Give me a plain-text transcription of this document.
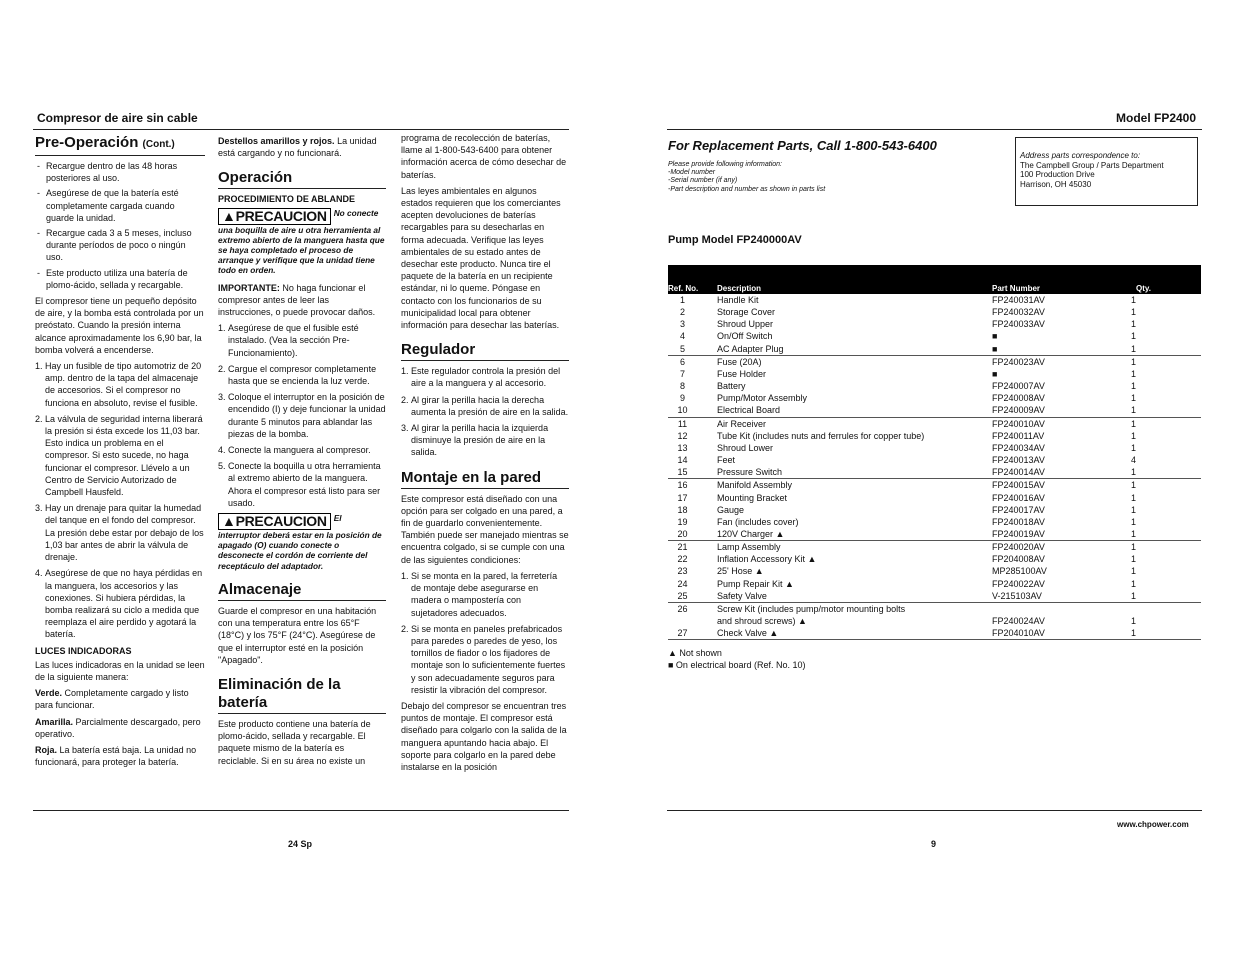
Compresor de aire sin cable
Pre-Operación (Cont.)
- Recargue dentro de las 48 horas posteriores al uso.
- Asegúrese de que la batería esté completamente cargada cuando guarde la unidad.
- Recargue cada 3 a 5 meses, incluso durante períodos de poco o ningún uso.
- Este producto utiliza una batería de plomo-ácido, sellada y recargable.

El compresor tiene un pequeño depósito de aire, y la bomba está controlada por un preóstato. Cuando la presión interna alcance aproximadamente los 6,90 bar, la bomba volverá a encenderse.

1. Hay un fusible de tipo automotriz de 20 amp. dentro de la tapa del almacenaje de accesorios. Si el compresor no funciona en absoluto, revise el fusible.
2. La válvula de seguridad interna liberará la presión si ésta excede los 11,03 bar. Esto indica un problema en el compresor. Si esto sucede, no haga funcionar el compresor. Llévelo a un Centro de Servicio Autorizado de Campbell Hausfeld.
3. Hay un drenaje para quitar la humedad del tanque en el fondo del compresor. La presión debe estar por debajo de los 1,03 bar antes de abrir la válvula de drenaje.
4. Asegúrese de que no haya pérdidas en la manguera, los accesorios y las conexiones. Si hubiera pérdidas, la bomba realizará su ciclo a medida que reemplaza el aire perdido y agotará la batería.
LUCES INDICADORAS

Las luces indicadoras en la unidad se leen de la siguiente manera:

Verde. Completamente cargado y listo para funcionar.

Amarilla. Parcialmente descargado, pero operativo.

Roja. La batería está baja. La unidad no funcionará, para proteger la batería.

Destellos amarillos y rojos. La unidad está cargando y no funcionará.

Operación
PROCEDIMIENTO DE ABLANDE
▲PRECAUCION No conecte una boquilla de aire u otra herramienta al extremo abierto de la manguera hasta que se haya completado el proceso de arranque y verifique que la unidad tiene todo en orden.

IMPORTANTE: No haga funcionar el compresor antes de leer las instrucciones, o puede provocar daños.

1. Asegúrese de que el fusible esté instalado. (Vea la sección Pre-Funcionamiento).
2. Cargue el compresor completamente hasta que se encienda la luz verde.
3. Coloque el interruptor en la posición de encendido (I) y deje funcionar la unidad durante 5 minutos para ablandar las piezas de la bomba.
4. Conecte la manguera al compresor.
5. Conecte la boquilla u otra herramienta al extremo abierto de la manguera. Ahora el compresor está listo para ser usado.
▲PRECAUCION El interruptor deberá estar en la posición de apagado (O) cuando conecte o desconecte el cordón de corriente del receptáculo del adaptador.
Almacenaje

Guarde el compresor en una habitación con una temperatura entre los 65°F (18°C) y los 75°F (24°C). Asegúrese de que el interruptor esté en la posición "Apagado".

Eliminación de la batería

Este producto contiene una batería de plomo-ácido, sellada y recargable. El paquete mismo de la batería es reciclable. Si en su área no existe un

programa de recolección de baterías, llame al 1-800-543-6400 para obtener información acerca de cómo desechar de baterías.

Las leyes ambientales en algunos estados requieren que los comerciantes acepten devoluciones de baterías recargables para su desecharlas en forma adecuada. Verifique las leyes ambientales de su estado antes de desechar este producto. Nunca tire el paquete de la batería en un recipiente estándar, ni lo queme. Póngase en contacto con los funcionarios de su municipalidad local para obtener información para desechar las baterías.

Regulador
1. Este regulador controla la presión del aire a la manguera y al accesorio.
2. Al girar la perilla hacia la derecha aumenta la presión de aire en la salida.
3. Al girar la perilla hacia la izquierda disminuye la presión de aire en la salida.
Montaje en la pared

Este compresor está diseñado con una opción para ser colgado en una pared, a fin de guardarlo convenientemente. También puede ser manejado mientras se encuentra colgado, si se cumple con una de las siguientes condiciones:

1. Si se monta en la pared, la ferretería de montaje debe asegurarse en madera o mampostería con sujetadores adecuados.
2. Si se monta en paneles prefabricados para paredes o paredes de yeso, los tornillos de fiador o los fijadores de montaje son lo suficientemente fuertes y son adecuadamente seguros para resistir la vibración del compresor.

Debajo del compresor se encuentran tres puntos de montaje. El compresor está diseñado para colgarlo con la salida de la manguera apuntando hacia abajo. El soporte para colgarlo en la pared debe instalarse en la posición

24 Sp
Model FP2400
For Replacement Parts, Call 1-800-543-6400
Please provide following information:
-Model number
-Serial number (if any)
-Part description and number as shown in parts list
Address parts correspondence to:
The Campbell Group / Parts Department
100 Production Drive
Harrison, OH 45030
Pump Model FP240000AV
Ref. No.	Description	Part Number	Qty.
1	Handle Kit	FP240031AV	1
2	Storage Cover	FP240032AV	1
3	Shroud Upper	FP240033AV	1
4	On/Off Switch	■	1
5	AC Adapter Plug	■	1
6	Fuse (20A)	FP240023AV	1
7	Fuse Holder	■	1
8	Battery	FP240007AV	1
9	Pump/Motor Assembly	FP240008AV	1
10	Electrical Board	FP240009AV	1
11	Air Receiver	FP240010AV	1
12	Tube Kit (includes nuts and ferrules for copper tube)	FP240011AV	1
13	Shroud Lower	FP240034AV	1
14	Feet	FP240013AV	4
15	Pressure Switch	FP240014AV	1
16	Manifold Assembly	FP240015AV	1
17	Mounting Bracket	FP240016AV	1
18	Gauge	FP240017AV	1
19	Fan (includes cover)	FP240018AV	1
20	120V Charger ▲	FP240019AV	1
21	Lamp Assembly	FP240020AV	1
22	Inflation Accessory Kit ▲	FP204008AV	1
23	25' Hose ▲	MP285100AV	1
24	Pump Repair Kit ▲	FP240022AV	1
25	Safety Valve	V-215103AV	1
26	Screw Kit (includes pump/motor mounting bolts		
	and shroud screws) ▲	FP240024AV	1
27	Check Valve ▲	FP204010AV	1
▲ Not shown
■ On electrical board (Ref. No. 10)
www.chpower.com
9
